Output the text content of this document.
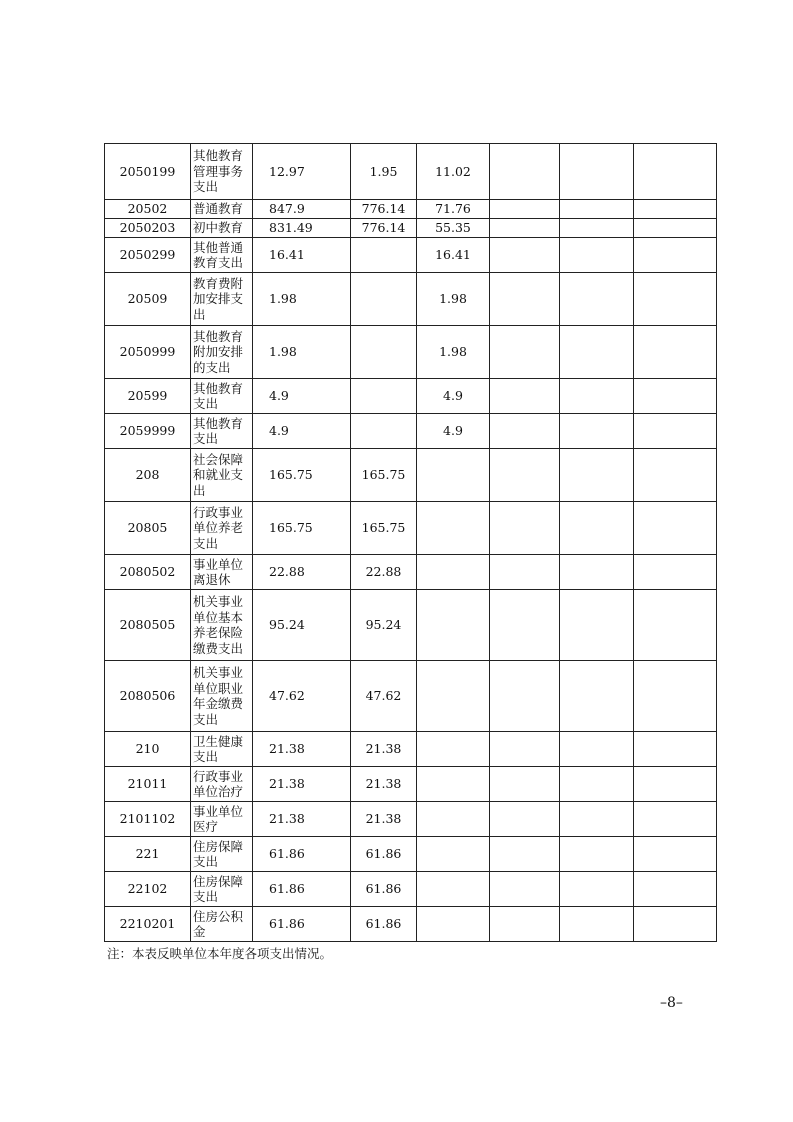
2050199	其他教育
管理事务
支出	12.97	1.95	11.02			
20502	普通教育	847.9	776.14	71.76			
2050203	初中教育	831.49	776.14	55.35			
2050299	其他普通
教育支出	16.41		16.41			
20509	教育费附
加安排支
出	1.98		1.98			
2050999	其他教育
附加安排
的支出	1.98		1.98			
20599	其他教育
支出	4.9		4.9			
2059999	其他教育
支出	4.9		4.9			
208	社会保障
和就业支
出	165.75	165.75				
20805	行政事业
单位养老
支出	165.75	165.75				
2080502	事业单位
离退休	22.88	22.88				
2080505	机关事业
单位基本
养老保险
缴费支出	95.24	95.24				
2080506	机关事业
单位职业
年金缴费
支出	47.62	47.62				
210	卫生健康
支出	21.38	21.38				
21011	行政事业
单位治疗	21.38	21.38				
2101102	事业单位
医疗	21.38	21.38				
221	住房保障
支出	61.86	61.86				
22102	住房保障
支出	61.86	61.86				
2210201	住房公积
金	61.86	61.86				
注：本表反映单位本年度各项支出情况。
–8–
